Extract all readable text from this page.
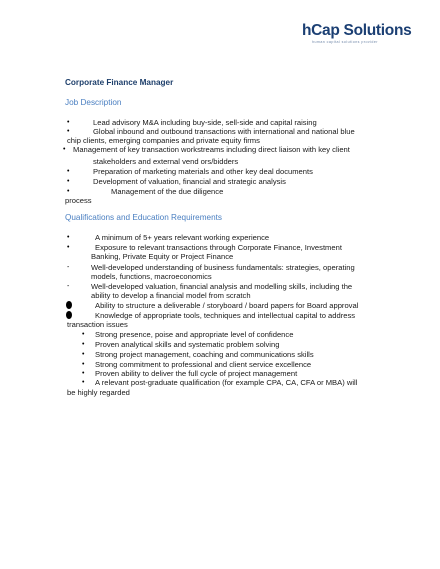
hCap Solutions
human capital solutions provider
Corporate Finance Manager
Job Description
•	Lead advisory M&A including buy-side, sell-side and capital raising
•	Global inbound and outbound transactions with international and national blue
chip clients, emerging companies and private equity firms
• Management of key transaction workstreams including direct liaison with key client
stakeholders and external vend ors/bidders
•	Preparation of marketing materials and other key deal documents
•	Development of valuation, financial and strategic analysis
•	Management of the due diligence
process
Qualifications and Education Requirements
•	A minimum of 5+ years relevant working experience
•	Exposure to relevant transactions through Corporate Finance, Investment
Banking, Private Equity or Project Finance
-	Well-developed understanding of business fundamentals: strategies, operating
models, functions, macroeconomics
-	Well-developed valuation, financial analysis and modelling skills, including the
ability to develop a financial model from scratch
Ability to structure a deliverable / storyboard / board papers for Board approval
Knowledge of appropriate tools, techniques and intellectual capital to address
transaction issues
• Strong presence, poise and appropriate level of confidence
• Proven analytical skills and systematic problem solving
• Strong project management, coaching and communications skills
• Strong commitment to professional and client service excellence
• Proven ability to deliver the full cycle of project management
• A relevant post-graduate qualification (for example CPA, CA, CFA or MBA) will
be highly regarded
